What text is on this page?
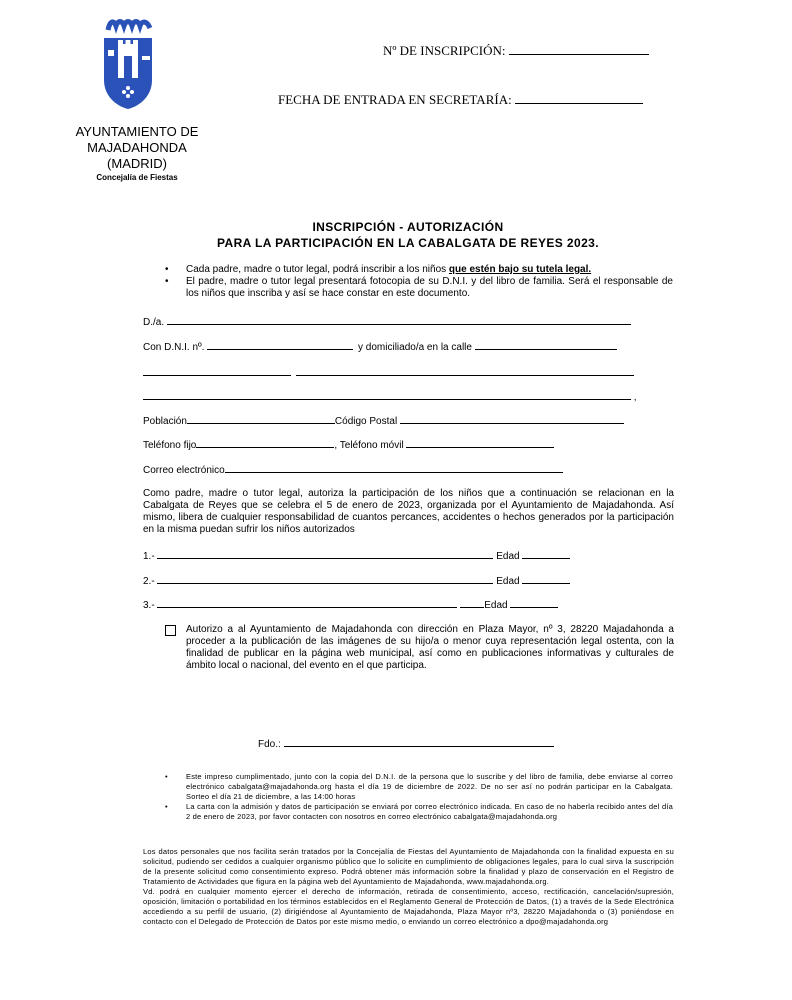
AYUNTAMIENTO DE
MAJADAHONDA
(MADRID)
Concejalía de Fiestas
Nº DE INSCRIPCIÓN:
FECHA DE ENTRADA EN SECRETARÍA:
INSCRIPCIÓN - AUTORIZACIÓN
PARA LA PARTICIPACIÓN EN LA CABALGATA DE REYES 2023.
• Cada padre, madre o tutor legal, podrá inscribir a los niños que estén bajo su tutela legal.
• El padre, madre o tutor legal presentará fotocopia de su D.N.I. y del libro de familia. Será el responsable de los niños que inscriba y así se hace constar en este documento.
D./a.
Con D.N.I. nº.	y domiciliado/a en la calle

,
Población	Código Postal
Teléfono fijo	, Teléfono móvil
Correo electrónico
Como padre, madre o tutor legal, autoriza la participación de los niños que a continuación se relacionan en la Cabalgata de Reyes que se celebra el 5 de enero de 2023, organizada por el Ayuntamiento de Majadahonda. Así mismo, libera de cualquier responsabilidad de cuantos percances, accidentes o hechos generados por la participación en la misma puedan sufrir los niños autorizados
1.-	Edad
2.-	Edad
3.-	Edad
Autorizo a al Ayuntamiento de Majadahonda con dirección en Plaza Mayor, nº 3, 28220 Majadahonda a proceder a la publicación de las imágenes de su hijo/a o menor cuya representación legal ostenta, con la finalidad de publicar en la página web municipal, así como en publicaciones informativas y culturales de ámbito local o nacional, del evento en el que participa.
Fdo.:
• Este impreso cumplimentado, junto con la copia del D.N.I. de la persona que lo suscribe y del libro de familia, debe enviarse al correo electrónico cabalgata@majadahonda.org hasta el día 19 de diciembre de 2022. De no ser así no podrán participar en la Cabalgata. Sorteo el día 21 de diciembre, a las 14:00 horas
• La carta con la admisión y datos de participación se enviará por correo electrónico indicada. En caso de no haberla recibido antes del día 2 de enero de 2023, por favor contacten con nosotros en correo electrónico cabalgata@majadahonda.org
Los datos personales que nos facilita serán tratados por la Concejalía de Fiestas del Ayuntamiento de Majadahonda con la finalidad expuesta en su solicitud, pudiendo ser cedidos a cualquier organismo público que lo solicite en cumplimiento de obligaciones legales, para lo cual sirva la suscripción de la presente solicitud como consentimiento expreso. Podrá obtener más información sobre la finalidad y plazo de conservación en el Registro de Tratamiento de Actividades que figura en la página web del Ayuntamiento de Majadahonda, www.majadahonda.org.
Vd. podrá en cualquier momento ejercer el derecho de información, retirada de consentimiento, acceso, rectificación, cancelación/supresión, oposición, limitación o portabilidad en los términos establecidos en el Reglamento General de Protección de Datos, (1) a través de la Sede Electrónica accediendo a su perfil de usuario, (2) dirigiéndose al Ayuntamiento de Majadahonda, Plaza Mayor nº3, 28220 Majadahonda o (3) poniéndose en contacto con el Delegado de Protección de Datos por este mismo medio, o enviando un correo electrónico a dpo@majadahonda.org
